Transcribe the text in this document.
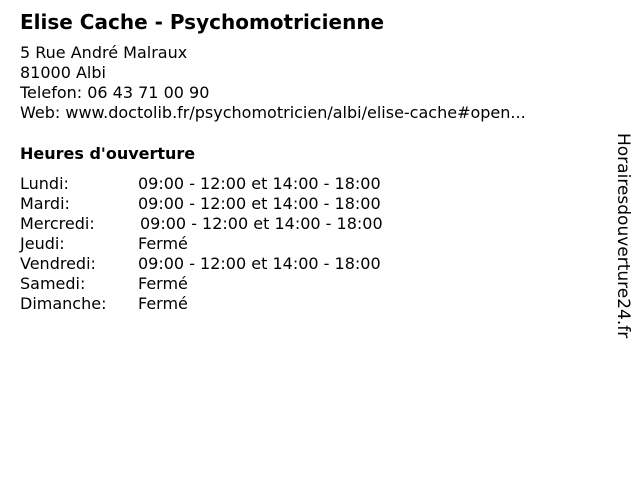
Elise Cache - Psychomotricienne
5 Rue André Malraux
81000 Albi
Telefon: 06 43 71 00 90
Web: www.doctolib.fr/psychomotricien/albi/elise-cache#open...
Heures d'ouverture
Lundi:	09:00 - 12:00 et 14:00 - 18:00
Mardi:	09:00 - 12:00 et 14:00 - 18:00
Mercredi:	09:00 - 12:00 et 14:00 - 18:00
Jeudi:	Fermé
Vendredi:	09:00 - 12:00 et 14:00 - 18:00
Samedi:	Fermé
Dimanche: Fermé	Horairesdouverture24.fr
